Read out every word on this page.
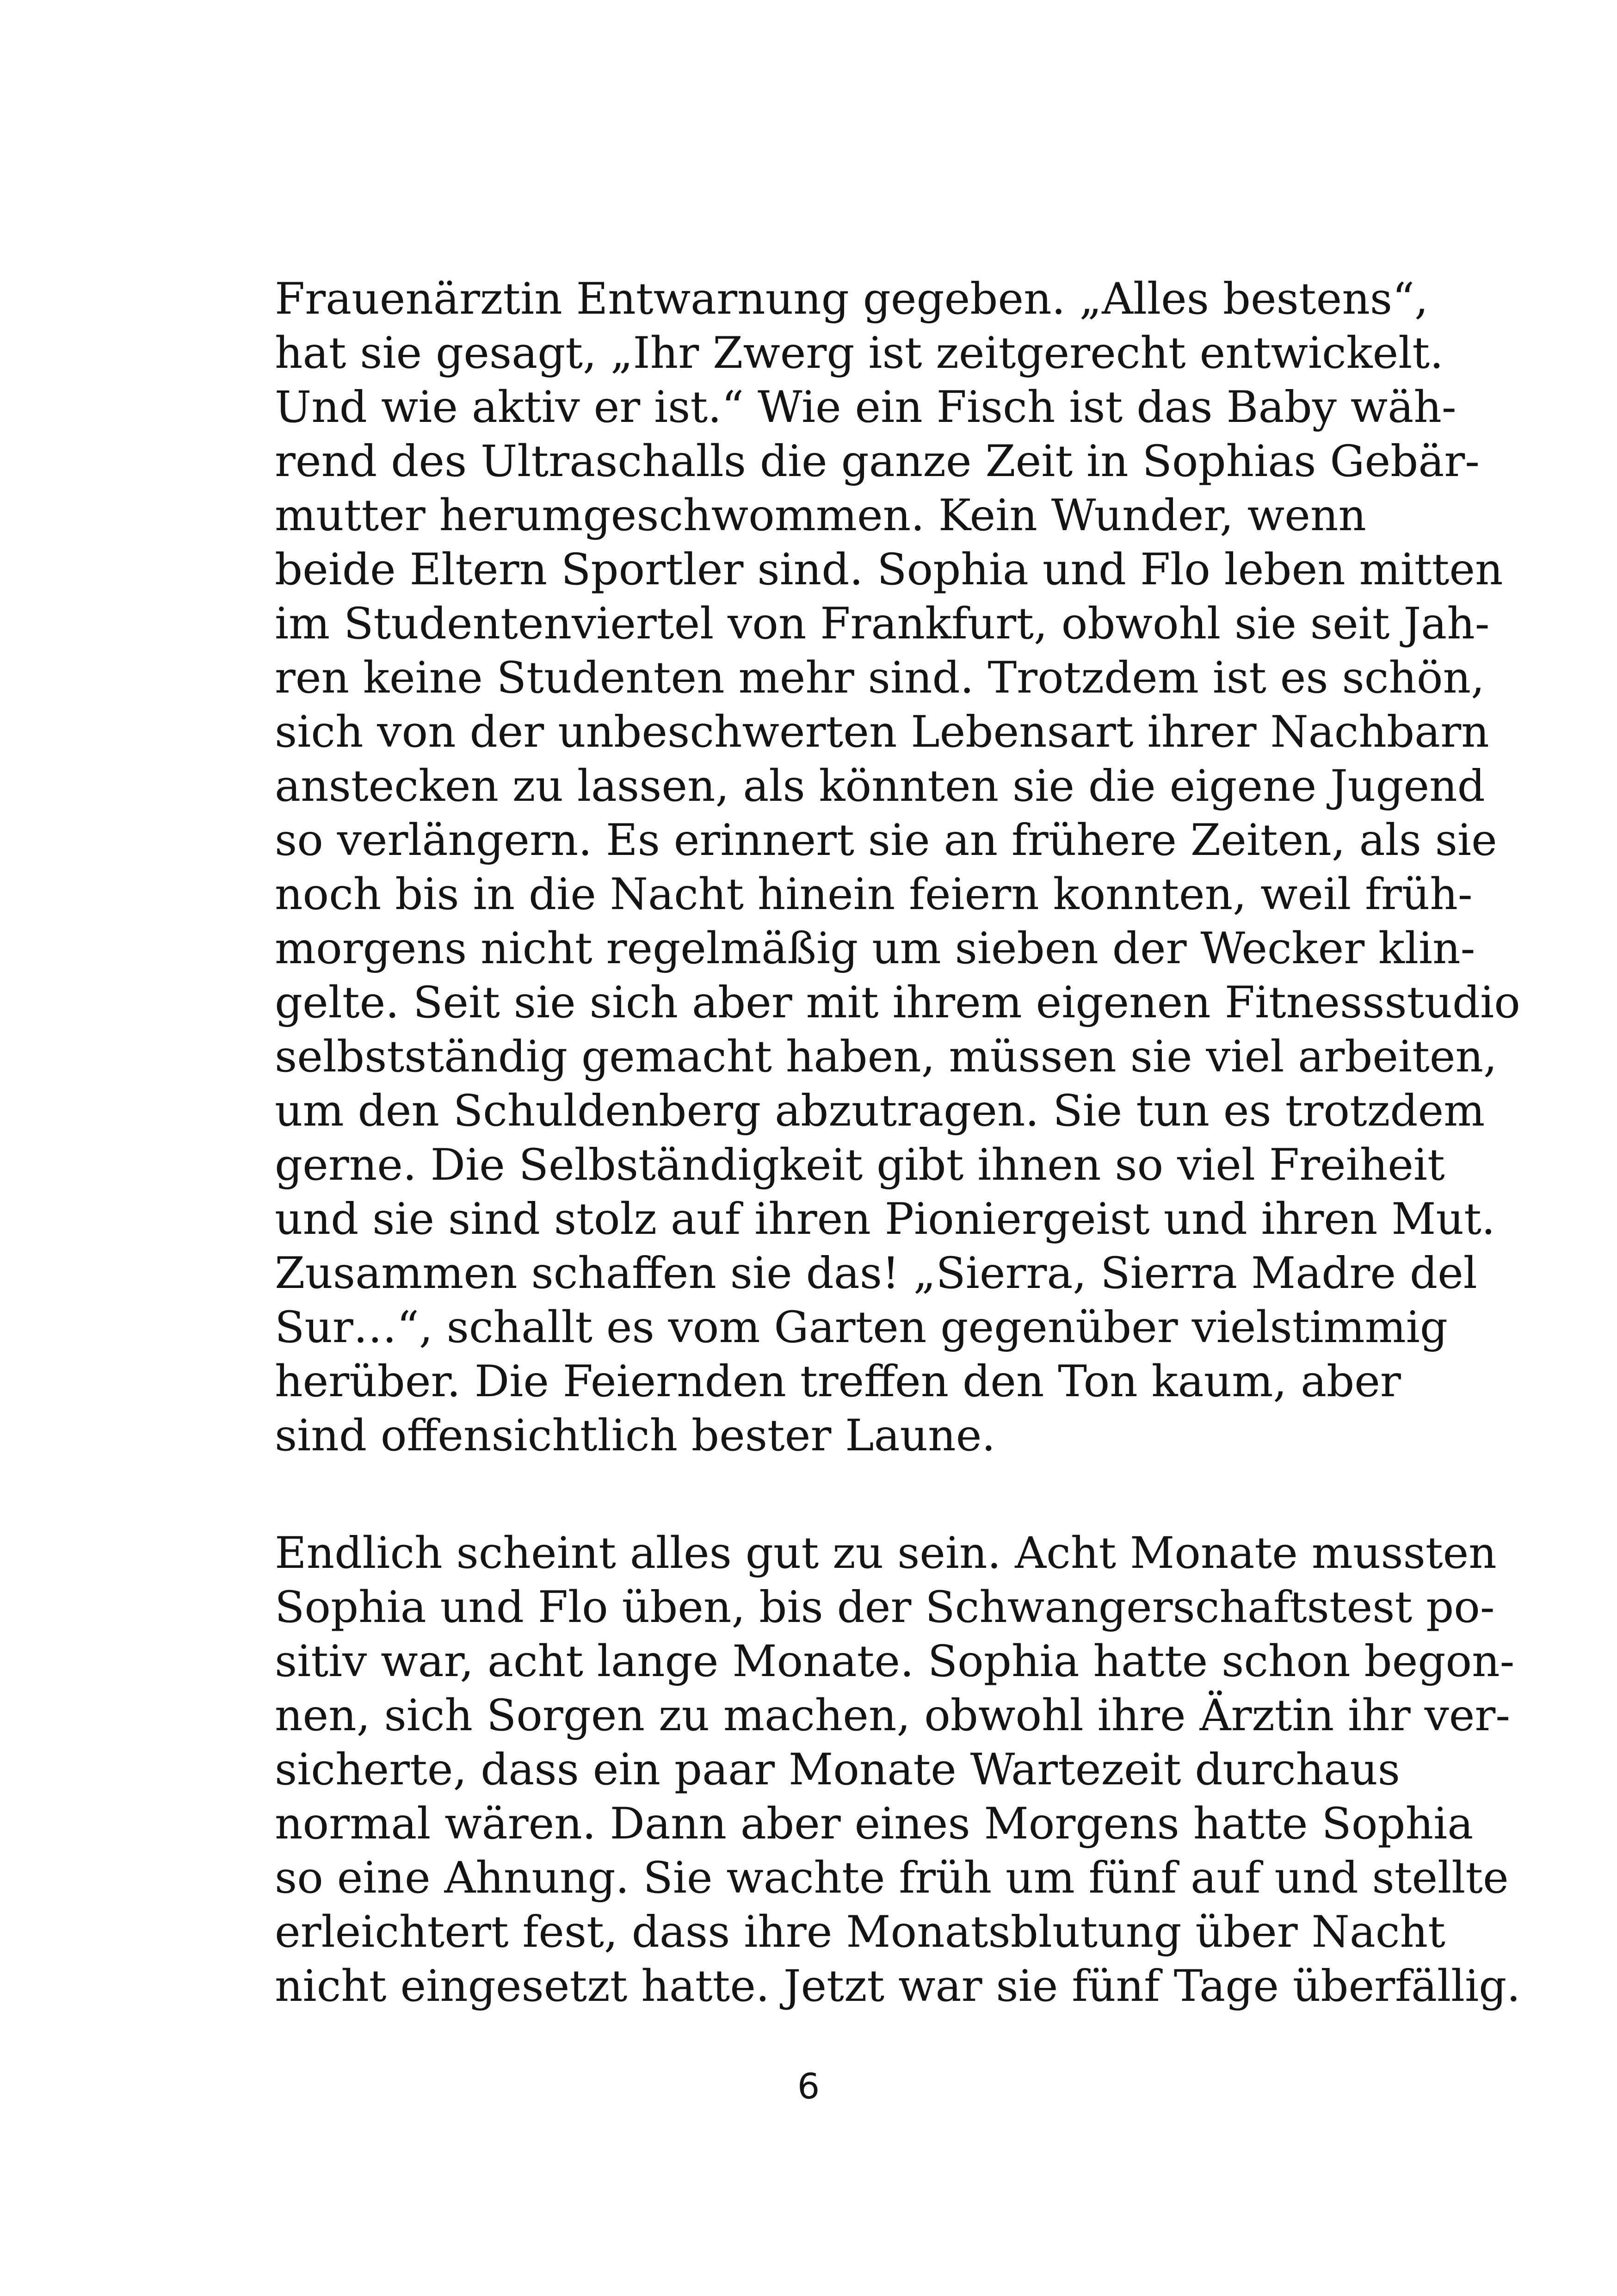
Frauenärztin Entwarnung gegeben. „Alles bestens“,
hat sie gesagt, „Ihr Zwerg ist zeitgerecht entwickelt.
Und wie aktiv er ist.“ Wie ein Fisch ist das Baby wäh-
rend des Ultraschalls die ganze Zeit in Sophias Gebär-
mutter herumgeschwommen. Kein Wunder, wenn
beide Eltern Sportler sind. Sophia und Flo leben mitten
im Studentenviertel von Frankfurt, obwohl sie seit Jah-
ren keine Studenten mehr sind. Trotzdem ist es schön,
sich von der unbeschwerten Lebensart ihrer Nachbarn
anstecken zu lassen, als könnten sie die eigene Jugend
so verlängern. Es erinnert sie an frühere Zeiten, als sie
noch bis in die Nacht hinein feiern konnten, weil früh-
morgens nicht regelmäßig um sieben der Wecker klin-
gelte. Seit sie sich aber mit ihrem eigenen Fitnessstudio
selbstständig gemacht haben, müssen sie viel arbeiten,
um den Schuldenberg abzutragen. Sie tun es trotzdem
gerne. Die Selbständigkeit gibt ihnen so viel Freiheit
und sie sind stolz auf ihren Pioniergeist und ihren Mut.
Zusammen schaffen sie das! „Sierra, Sierra Madre del
Sur…“, schallt es vom Garten gegenüber vielstimmig
herüber. Die Feiernden treffen den Ton kaum, aber
sind offensichtlich bester Laune.
Endlich scheint alles gut zu sein. Acht Monate mussten
Sophia und Flo üben, bis der Schwangerschaftstest po-
sitiv war, acht lange Monate. Sophia hatte schon begon-
nen, sich Sorgen zu machen, obwohl ihre Ärztin ihr ver-
sicherte, dass ein paar Monate Wartezeit durchaus
normal wären. Dann aber eines Morgens hatte Sophia
so eine Ahnung. Sie wachte früh um fünf auf und stellte
erleichtert fest, dass ihre Monatsblutung über Nacht
nicht eingesetzt hatte. Jetzt war sie fünf Tage überfällig.
6
